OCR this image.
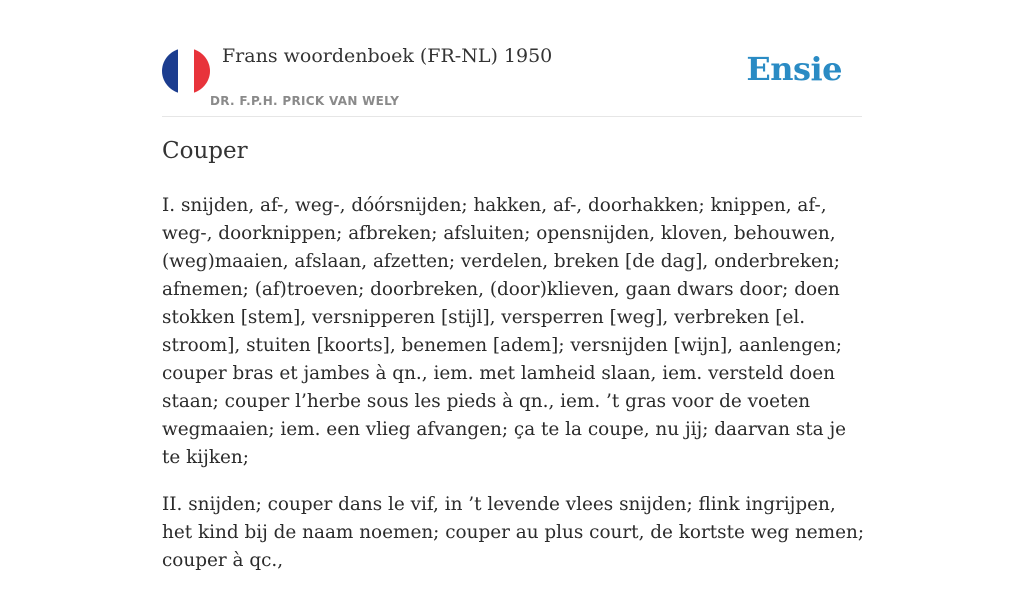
Frans woordenboek (FR-NL) 1950
DR. F.P.H. PRICK VAN WELY
Ensie
Couper

I. snijden, af-, weg-, dóórsnijden; hakken, af-, doorhakken; knippen, af-, weg-, doorknippen; afbreken; afsluiten; opensnijden, kloven, behouwen, (weg)maaien, afslaan, afzetten; verdelen, breken [de dag], onderbreken; afnemen; (af)troeven; doorbreken, (door)klieven, gaan dwars door; doen stokken [stem], versnipperen [stijl], versperren [weg], verbreken [el. stroom], stuiten [koorts], benemen [adem]; versnijden [wijn], aanlengen; couper bras et jambes à qn., iem. met lamheid slaan, iem. versteld doen staan; couper l’herbe sous les pieds à qn., iem. ’t gras voor de voeten wegmaaien; iem. een vlieg afvangen; ça te la coupe, nu jij; daarvan sta je te kijken;

II. snijden; couper dans le vif, in ’t levende vlees snijden; flink ingrijpen, het kind bij de naam noemen; couper au plus court, de kortste weg nemen; couper à qc.,
